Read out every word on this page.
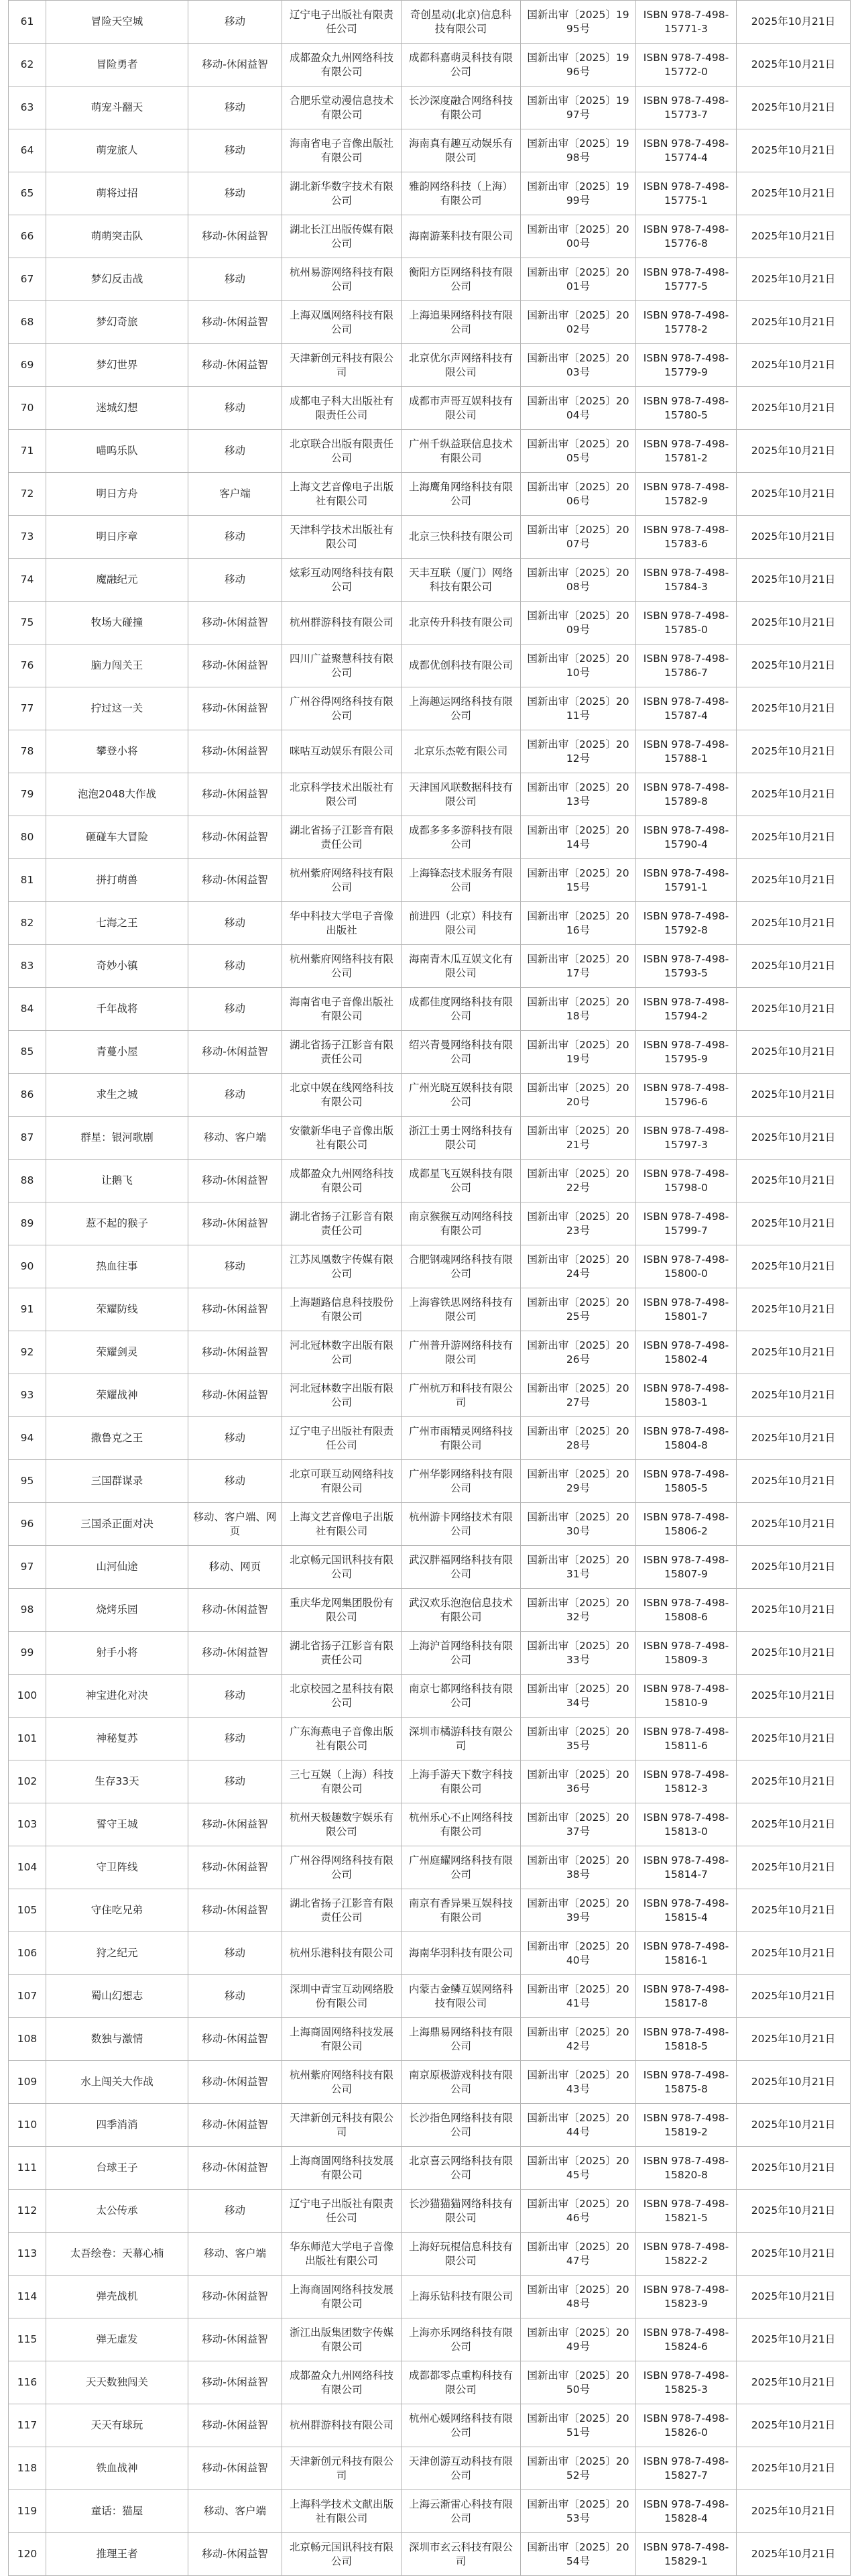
61	冒险天空城	移动	辽宁电子出版社有限责任公司	奇创星动(北京)信息科技有限公司	国新出审〔2025〕1995号	ISBN 978-7-498-15771-3	2025年10月21日
62	冒险勇者	移动-休闲益智	成都盈众九州网络科技有限公司	成都科嘉萌灵科技有限公司	国新出审〔2025〕1996号	ISBN 978-7-498-15772-0	2025年10月21日
63	萌宠斗翻天	移动	合肥乐堂动漫信息技术有限公司	长沙深度融合网络科技有限公司	国新出审〔2025〕1997号	ISBN 978-7-498-15773-7	2025年10月21日
64	萌宠旅人	移动	海南省电子音像出版社有限公司	海南真有趣互动娱乐有限公司	国新出审〔2025〕1998号	ISBN 978-7-498-15774-4	2025年10月21日
65	萌将过招	移动	湖北新华数字技术有限公司	雅韵网络科技（上海）有限公司	国新出审〔2025〕1999号	ISBN 978-7-498-15775-1	2025年10月21日
66	萌萌突击队	移动-休闲益智	湖北长江出版传媒有限公司	海南游莱科技有限公司	国新出审〔2025〕2000号	ISBN 978-7-498-15776-8	2025年10月21日
67	梦幻反击战	移动	杭州易游网络科技有限公司	衡阳方臣网络科技有限公司	国新出审〔2025〕2001号	ISBN 978-7-498-15777-5	2025年10月21日
68	梦幻奇旅	移动-休闲益智	上海双凰网络科技有限公司	上海追果网络科技有限公司	国新出审〔2025〕2002号	ISBN 978-7-498-15778-2	2025年10月21日
69	梦幻世界	移动-休闲益智	天津新创元科技有限公司	北京优尔声网络科技有限公司	国新出审〔2025〕2003号	ISBN 978-7-498-15779-9	2025年10月21日
70	迷城幻想	移动	成都电子科大出版社有限责任公司	成都市声哥互娱科技有限公司	国新出审〔2025〕2004号	ISBN 978-7-498-15780-5	2025年10月21日
71	喵呜乐队	移动	北京联合出版有限责任公司	广州千纵益联信息技术有限公司	国新出审〔2025〕2005号	ISBN 978-7-498-15781-2	2025年10月21日
72	明日方舟	客户端	上海文艺音像电子出版社有限公司	上海鹰角网络科技有限公司	国新出审〔2025〕2006号	ISBN 978-7-498-15782-9	2025年10月21日
73	明日序章	移动	天津科学技术出版社有限公司	北京三快科技有限公司	国新出审〔2025〕2007号	ISBN 978-7-498-15783-6	2025年10月21日
74	魔融纪元	移动	炫彩互动网络科技有限公司	天丰互联（厦门）网络科技有限公司	国新出审〔2025〕2008号	ISBN 978-7-498-15784-3	2025年10月21日
75	牧场大碰撞	移动-休闲益智	杭州群游科技有限公司	北京传升科技有限公司	国新出审〔2025〕2009号	ISBN 978-7-498-15785-0	2025年10月21日
76	脑力闯关王	移动-休闲益智	四川广益聚慧科技有限公司	成都优创科技有限公司	国新出审〔2025〕2010号	ISBN 978-7-498-15786-7	2025年10月21日
77	拧过这一关	移动-休闲益智	广州谷得网络科技有限公司	上海趣运网络科技有限公司	国新出审〔2025〕2011号	ISBN 978-7-498-15787-4	2025年10月21日
78	攀登小将	移动-休闲益智	咪咕互动娱乐有限公司	北京乐杰乾有限公司	国新出审〔2025〕2012号	ISBN 978-7-498-15788-1	2025年10月21日
79	泡泡2048大作战	移动-休闲益智	北京科学技术出版社有限公司	天津国风联数据科技有限公司	国新出审〔2025〕2013号	ISBN 978-7-498-15789-8	2025年10月21日
80	砸碰车大冒险	移动-休闲益智	湖北省扬子江影音有限责任公司	成都多多多游科技有限公司	国新出审〔2025〕2014号	ISBN 978-7-498-15790-4	2025年10月21日
81	拼打萌兽	移动-休闲益智	杭州紫府网络科技有限公司	上海锋态技术服务有限公司	国新出审〔2025〕2015号	ISBN 978-7-498-15791-1	2025年10月21日
82	七海之王	移动	华中科技大学电子音像出版社	前进四（北京）科技有限公司	国新出审〔2025〕2016号	ISBN 978-7-498-15792-8	2025年10月21日
83	奇妙小镇	移动	杭州紫府网络科技有限公司	海南青木瓜互娱文化有限公司	国新出审〔2025〕2017号	ISBN 978-7-498-15793-5	2025年10月21日
84	千年战将	移动	海南省电子音像出版社有限公司	成都佳度网络科技有限公司	国新出审〔2025〕2018号	ISBN 978-7-498-15794-2	2025年10月21日
85	青蔓小屋	移动-休闲益智	湖北省扬子江影音有限责任公司	绍兴青曼网络科技有限公司	国新出审〔2025〕2019号	ISBN 978-7-498-15795-9	2025年10月21日
86	求生之城	移动	北京中娱在线网络科技有限公司	广州光晓互娱科技有限公司	国新出审〔2025〕2020号	ISBN 978-7-498-15796-6	2025年10月21日
87	群星：银河歌剧	移动、客户端	安徽新华电子音像出版社有限公司	浙江士勇士网络科技有限公司	国新出审〔2025〕2021号	ISBN 978-7-498-15797-3	2025年10月21日
88	让鹅飞	移动-休闲益智	成都盈众九州网络科技有限公司	成都星飞互娱科技有限公司	国新出审〔2025〕2022号	ISBN 978-7-498-15798-0	2025年10月21日
89	惹不起的猴子	移动-休闲益智	湖北省扬子江影音有限责任公司	南京猴猴互动网络科技有限公司	国新出审〔2025〕2023号	ISBN 978-7-498-15799-7	2025年10月21日
90	热血往事	移动	江苏凤凰数字传媒有限公司	合肥钢魂网络科技有限公司	国新出审〔2025〕2024号	ISBN 978-7-498-15800-0	2025年10月21日
91	荣耀防线	移动-休闲益智	上海题路信息科技股份有限公司	上海睿铁思网络科技有限公司	国新出审〔2025〕2025号	ISBN 978-7-498-15801-7	2025年10月21日
92	荣耀剑灵	移动-休闲益智	河北冠林数字出版有限公司	广州普升游网络科技有限公司	国新出审〔2025〕2026号	ISBN 978-7-498-15802-4	2025年10月21日
93	荣耀战神	移动-休闲益智	河北冠林数字出版有限公司	广州杭万和科技有限公司	国新出审〔2025〕2027号	ISBN 978-7-498-15803-1	2025年10月21日
94	撒鲁克之王	移动	辽宁电子出版社有限责任公司	广州市雨精灵网络科技有限公司	国新出审〔2025〕2028号	ISBN 978-7-498-15804-8	2025年10月21日
95	三国群谋录	移动	北京可联互动网络科技有限公司	广州华影网络科技有限公司	国新出审〔2025〕2029号	ISBN 978-7-498-15805-5	2025年10月21日
96	三国杀正面对决	移动、客户端、网页	上海文艺音像电子出版社有限公司	杭州游卡网络技术有限公司	国新出审〔2025〕2030号	ISBN 978-7-498-15806-2	2025年10月21日
97	山河仙途	移动、网页	北京畅元国讯科技有限公司	武汉胖福网络科技有限公司	国新出审〔2025〕2031号	ISBN 978-7-498-15807-9	2025年10月21日
98	烧烤乐园	移动-休闲益智	重庆华龙网集团股份有限公司	武汉欢乐泡泡信息技术有限公司	国新出审〔2025〕2032号	ISBN 978-7-498-15808-6	2025年10月21日
99	射手小将	移动-休闲益智	湖北省扬子江影音有限责任公司	上海沪首网络科技有限公司	国新出审〔2025〕2033号	ISBN 978-7-498-15809-3	2025年10月21日
100	神宝进化对决	移动	北京校园之星科技有限公司	南京七都网络科技有限公司	国新出审〔2025〕2034号	ISBN 978-7-498-15810-9	2025年10月21日
101	神秘复苏	移动	广东海燕电子音像出版社有限公司	深圳市橘游科技有限公司	国新出审〔2025〕2035号	ISBN 978-7-498-15811-6	2025年10月21日
102	生存33天	移动	三七互娱（上海）科技有限公司	上海手游天下数字科技有限公司	国新出审〔2025〕2036号	ISBN 978-7-498-15812-3	2025年10月21日
103	誓守王城	移动-休闲益智	杭州天极趣数字娱乐有限公司	杭州乐心不止网络科技有限公司	国新出审〔2025〕2037号	ISBN 978-7-498-15813-0	2025年10月21日
104	守卫阵线	移动-休闲益智	广州谷得网络科技有限公司	广州庭耀网络科技有限公司	国新出审〔2025〕2038号	ISBN 978-7-498-15814-7	2025年10月21日
105	守住吃兄弟	移动-休闲益智	湖北省扬子江影音有限责任公司	南京有香异果互娱科技有限公司	国新出审〔2025〕2039号	ISBN 978-7-498-15815-4	2025年10月21日
106	狩之纪元	移动	杭州乐港科技有限公司	海南华羽科技有限公司	国新出审〔2025〕2040号	ISBN 978-7-498-15816-1	2025年10月21日
107	蜀山幻想志	移动	深圳中青宝互动网络股份有限公司	内蒙古金鳞互娱网络科技有限公司	国新出审〔2025〕2041号	ISBN 978-7-498-15817-8	2025年10月21日
108	数独与激情	移动-休闲益智	上海商固网络科技发展有限公司	上海鼎易网络科技有限公司	国新出审〔2025〕2042号	ISBN 978-7-498-15818-5	2025年10月21日
109	水上闯关大作战	移动-休闲益智	杭州紫府网络科技有限公司	南京原极游戏科技有限公司	国新出审〔2025〕2043号	ISBN 978-7-498-15875-8	2025年10月21日
110	四季消消	移动-休闲益智	天津新创元科技有限公司	长沙指色网络科技有限公司	国新出审〔2025〕2044号	ISBN 978-7-498-15819-2	2025年10月21日
111	台球王子	移动-休闲益智	上海商固网络科技发展有限公司	北京喜云网络科技有限公司	国新出审〔2025〕2045号	ISBN 978-7-498-15820-8	2025年10月21日
112	太公传承	移动	辽宁电子出版社有限责任公司	长沙猫猫猫网络科技有限公司	国新出审〔2025〕2046号	ISBN 978-7-498-15821-5	2025年10月21日
113	太吾绘卷：天幕心楠	移动、客户端	华东师范大学电子音像出版社有限公司	上海好玩棍信息科技有限公司	国新出审〔2025〕2047号	ISBN 978-7-498-15822-2	2025年10月21日
114	弹壳战机	移动-休闲益智	上海商固网络科技发展有限公司	上海乐钻科技有限公司	国新出审〔2025〕2048号	ISBN 978-7-498-15823-9	2025年10月21日
115	弹无虚发	移动-休闲益智	浙江出版集团数字传媒有限公司	上海亦乐网络科技有限公司	国新出审〔2025〕2049号	ISBN 978-7-498-15824-6	2025年10月21日
116	天天数独闯关	移动-休闲益智	成都盈众九州网络科技有限公司	成都都零点重构科技有限公司	国新出审〔2025〕2050号	ISBN 978-7-498-15825-3	2025年10月21日
117	天天有球玩	移动-休闲益智	杭州群游科技有限公司	杭州心媛网络科技有限公司	国新出审〔2025〕2051号	ISBN 978-7-498-15826-0	2025年10月21日
118	铁血战神	移动-休闲益智	天津新创元科技有限公司	天津创游互动科技有限公司	国新出审〔2025〕2052号	ISBN 978-7-498-15827-7	2025年10月21日
119	童话：猫屋	移动、客户端	上海科学技术文献出版社有限公司	上海云渐雷心科技有限公司	国新出审〔2025〕2053号	ISBN 978-7-498-15828-4	2025年10月21日
120	推理王者	移动-休闲益智	北京畅元国讯科技有限公司	深圳市玄云科技有限公司	国新出审〔2025〕2054号	ISBN 978-7-498-15829-1	2025年10月21日
